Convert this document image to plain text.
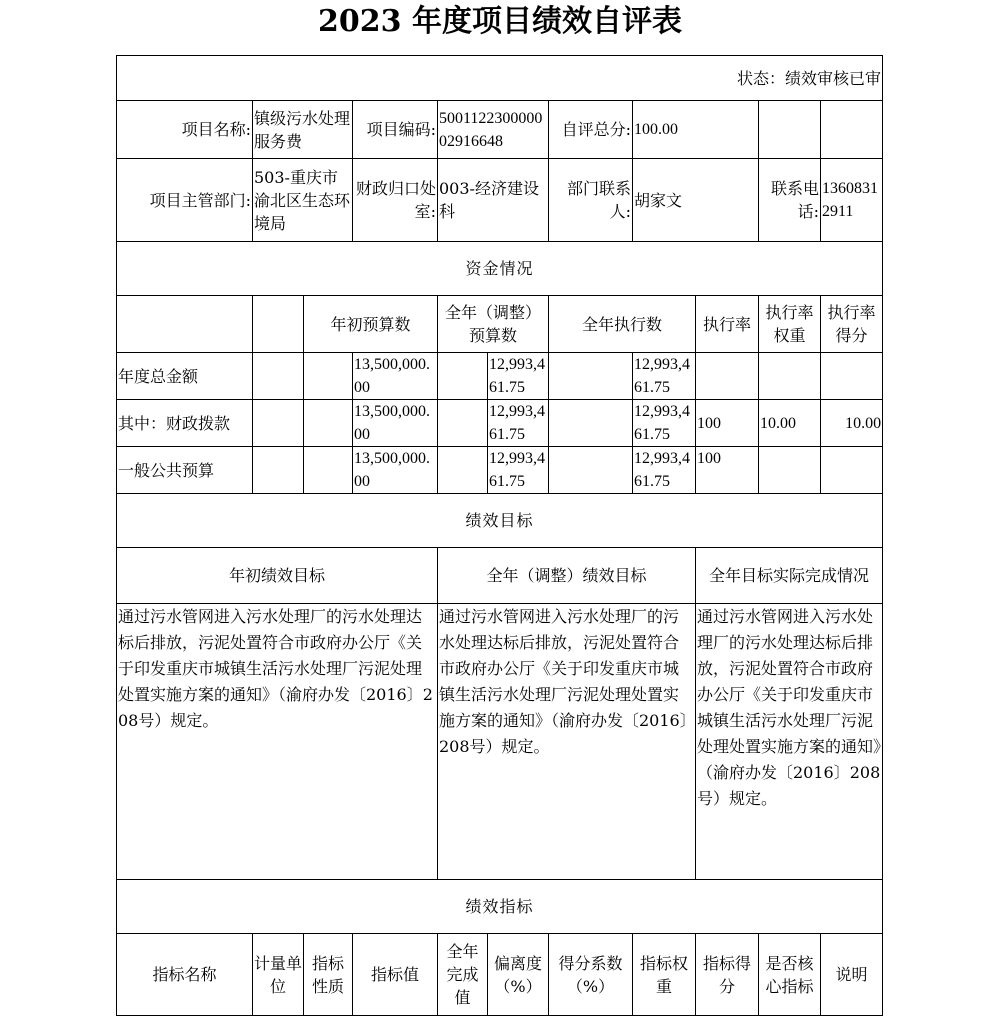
2023 年度项目绩效自评表
状态：绩效审核已审										
项目名称:	镇级污水处理服务费		项目编码:	500112230000002916648		自评总分:	100.00			
项目主管部门:	503-重庆市渝北区生态环境局		财政归口处室:	003-经济建设科		部门联系人:	胡家文		联系电话:	13608312911
资金情况										
		年初预算数		全年（调整）预算数		全年执行数		执行率	执行率权重	执行率得分
年度总金额			13,500,000.00		12,993,461.75		12,993,461.75			
其中：财政拨款			13,500,000.00		12,993,461.75		12,993,461.75	100	10.00	10.00
一般公共预算			13,500,000.00		12,993,461.75		12,993,461.75	100		
绩效目标										
年初绩效目标				全年（调整）绩效目标				全年目标实际完成情况		
通过污水管网进入污水处理厂的污水处理达标后排放，污泥处置符合市政府办公厅《关于印发重庆市城镇生活污水处理厂污泥处理处置实施方案的通知》（渝府办发〔2016〕208号）规定。				通过污水管网进入污水处理厂的污水处理达标后排放，污泥处置符合市政府办公厅《关于印发重庆市城镇生活污水处理厂污泥处理处置实施方案的通知》（渝府办发〔2016〕208号）规定。				通过污水管网进入污水处理厂的污水处理达标后排放，污泥处置符合市政府办公厅《关于印发重庆市城镇生活污水处理厂污泥处理处置实施方案的通知》（渝府办发〔2016〕208号）规定。		
绩效指标										
指标名称	计量单位	指标性质	指标值	全年完成值	偏离度（%）	得分系数（%）	指标权重	指标得分	是否核心指标	说明
